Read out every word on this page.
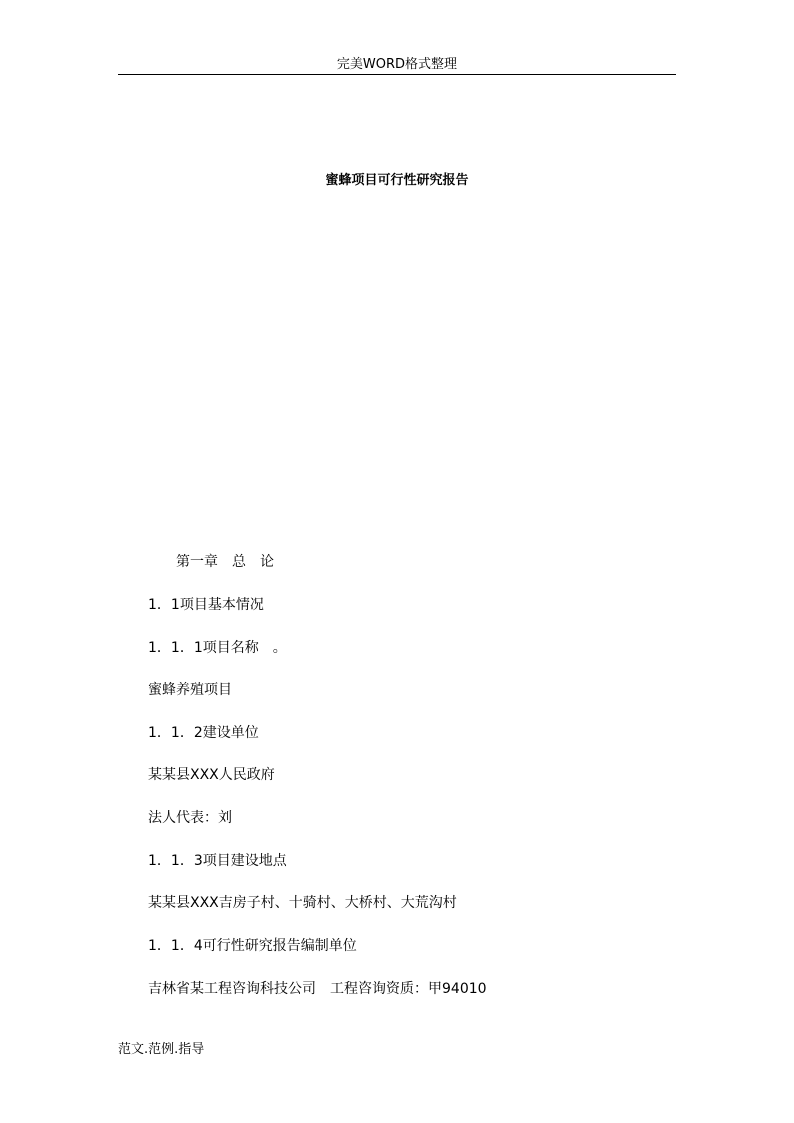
完美WORD格式整理
蜜蜂项目可行性研究报告
第一章　总　论
1．1项目基本情况
1．1．1项目名称　。
蜜蜂养殖项目
1．1．2建设单位
某某县XXX人民政府
法人代表：刘
1．1．3项目建设地点
某某县XXX吉房子村、十骑村、大桥村、大荒沟村
1．1．4可行性研究报告编制单位
吉林省某工程咨询科技公司　工程咨询资质：甲94010
范文.范例.指导
